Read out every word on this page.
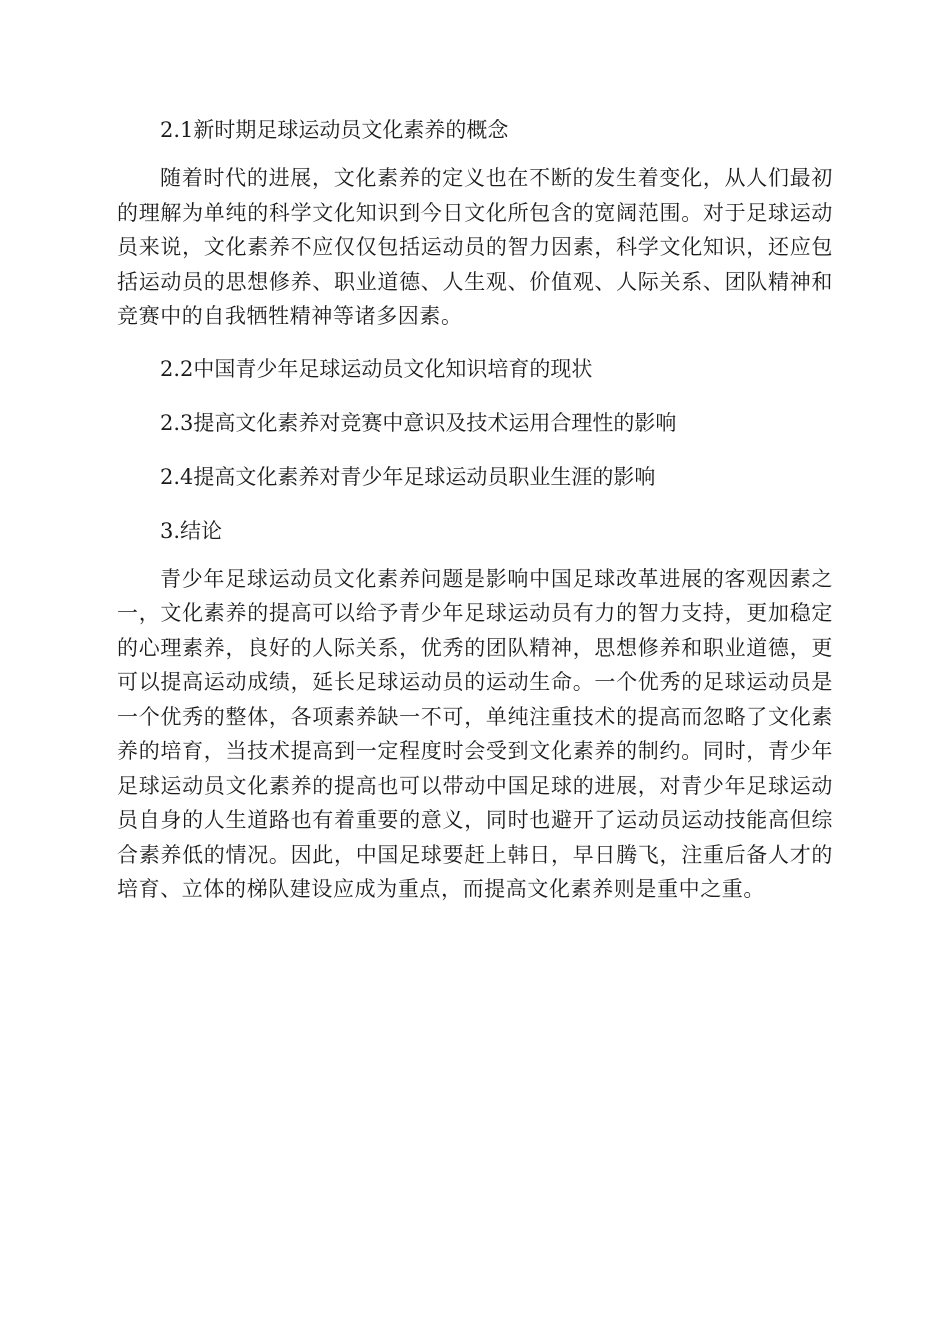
2.1新时期足球运动员文化素养的概念

随着时代的进展，文化素养的定义也在不断的发生着变化，从人们最初的理解为单纯的科学文化知识到今日文化所包含的宽阔范围。对于足球运动员来说，文化素养不应仅仅包括运动员的智力因素，科学文化知识，还应包括运动员的思想修养、职业道德、人生观、价值观、人际关系、团队精神和竞赛中的自我牺牲精神等诸多因素。

2.2中国青少年足球运动员文化知识培育的现状

2.3提高文化素养对竞赛中意识及技术运用合理性的影响

2.4提高文化素养对青少年足球运动员职业生涯的影响

3.结论

青少年足球运动员文化素养问题是影响中国足球改革进展的客观因素之一，文化素养的提高可以给予青少年足球运动员有力的智力支持，更加稳定的心理素养，良好的人际关系，优秀的团队精神，思想修养和职业道德，更可以提高运动成绩，延长足球运动员的运动生命。一个优秀的足球运动员是一个优秀的整体，各项素养缺一不可，单纯注重技术的提高而忽略了文化素养的培育，当技术提高到一定程度时会受到文化素养的制约。同时，青少年足球运动员文化素养的提高也可以带动中国足球的进展，对青少年足球运动员自身的人生道路也有着重要的意义，同时也避开了运动员运动技能高但综合素养低的情况。因此，中国足球要赶上韩日，早日腾飞，注重后备人才的培育、立体的梯队建设应成为重点，而提高文化素养则是重中之重。
